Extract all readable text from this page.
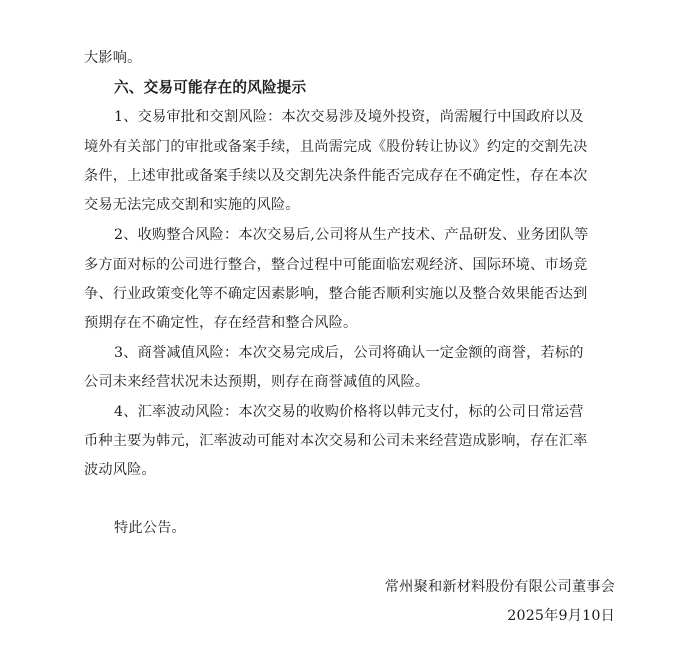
大影响。
六、交易可能存在的风险提示
1、交易审批和交割风险：本次交易涉及境外投资，尚需履行中国政府以及
境外有关部门的审批或备案手续，且尚需完成《股份转让协议》约定的交割先决
条件，上述审批或备案手续以及交割先决条件能否完成存在不确定性，存在本次
交易无法完成交割和实施的风险。
2、收购整合风险：本次交易后,公司将从生产技术、产品研发、业务团队等
多方面对标的公司进行整合，整合过程中可能面临宏观经济、国际环境、市场竞
争、行业政策变化等不确定因素影响，整合能否顺利实施以及整合效果能否达到
预期存在不确定性，存在经营和整合风险。
3、商誉减值风险：本次交易完成后，公司将确认一定金额的商誉，若标的
公司未来经营状况未达预期，则存在商誉减值的风险。
4、汇率波动风险：本次交易的收购价格将以韩元支付，标的公司日常运营
币种主要为韩元，汇率波动可能对本次交易和公司未来经营造成影响，存在汇率
波动风险。
特此公告。
常州聚和新材料股份有限公司董事会
2025年9月10日
